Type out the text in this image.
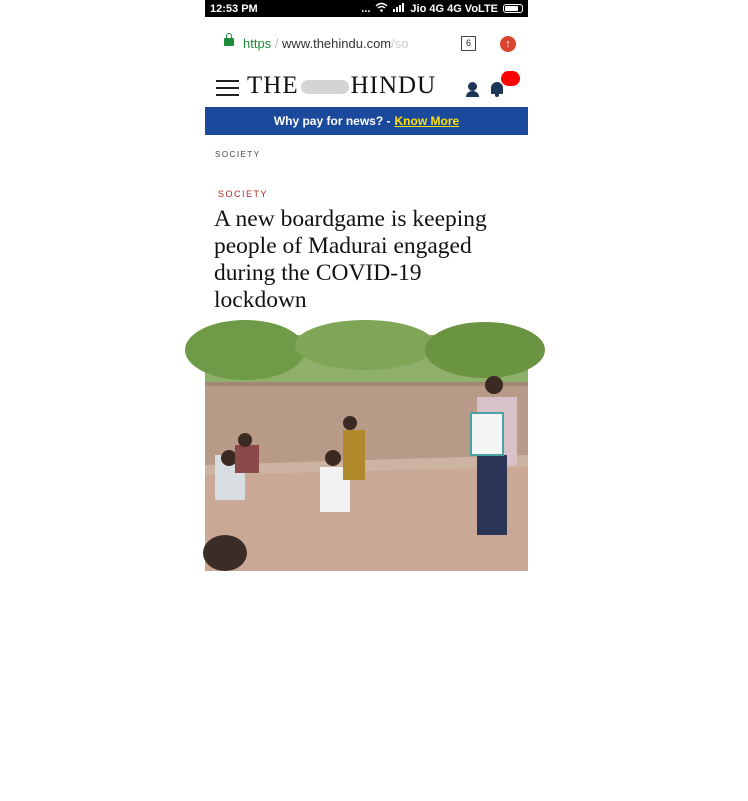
12:53 PM	...	Jio 4G 4G VoLTE
https / www.thehindu.com/so	6	↑
THE HINDU
Why pay for news? - Know More
SOCIETY
SOCIETY
A new boardgame is keeping people of Madurai engaged during the COVID-19 lockdown
⌃
